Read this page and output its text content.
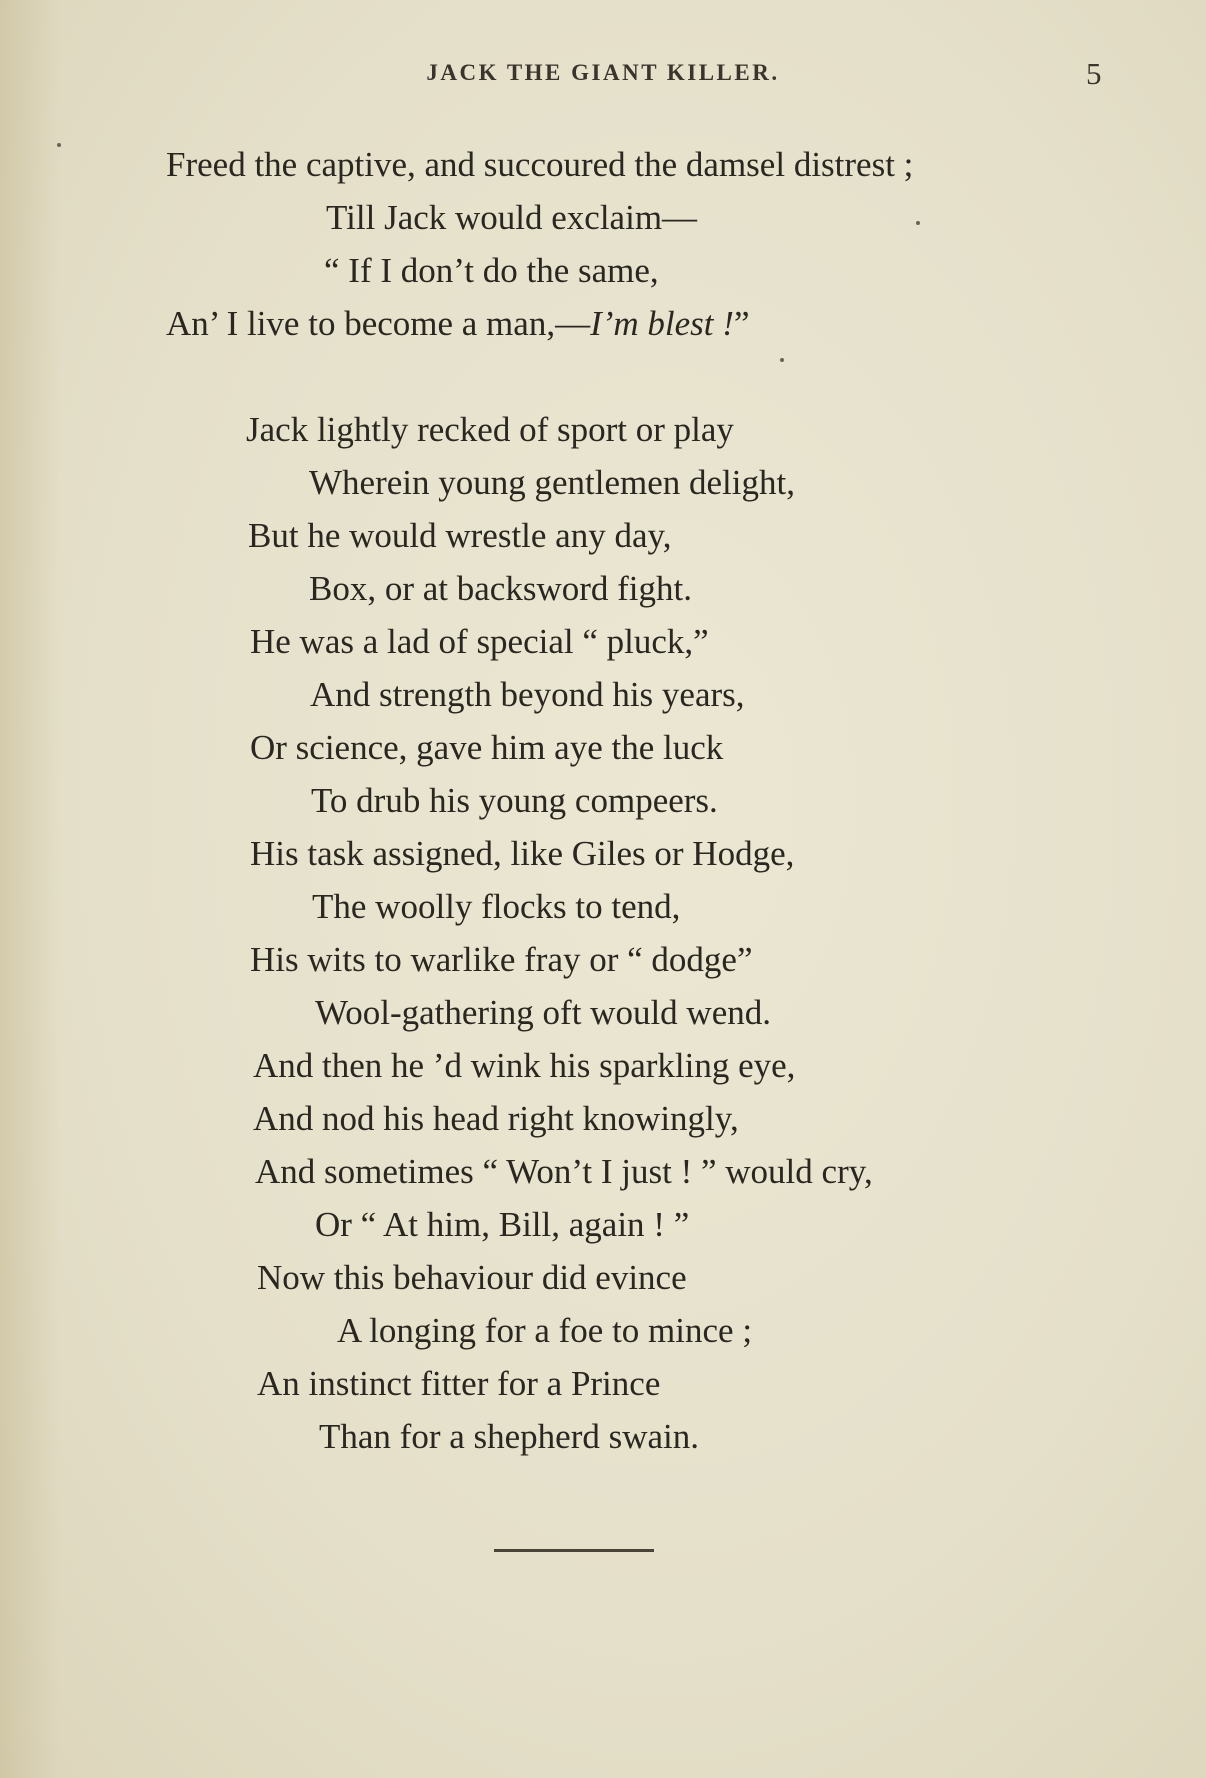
JACK THE GIANT KILLER.	5
Freed the captive, and succoured the damsel distrest ;
Till Jack would exclaim—
“ If I don’t do the same,
An’ I live to become a man,—I’m blest !”
Jack lightly recked of sport or play
Wherein young gentlemen delight,
But he would wrestle any day,
Box, or at backsword fight.
He was a lad of special “ pluck,”
And strength beyond his years,
Or science, gave him aye the luck
To drub his young compeers.
His task assigned, like Giles or Hodge,
The woolly flocks to tend,
His wits to warlike fray or “ dodge”
Wool-gathering oft would wend.
And then he ’d wink his sparkling eye,
And nod his head right knowingly,
And sometimes “ Won’t I just ! ” would cry,
Or “ At him, Bill, again ! ”
Now this behaviour did evince
A longing for a foe to mince ;
An instinct fitter for a Prince
Than for a shepherd swain.
